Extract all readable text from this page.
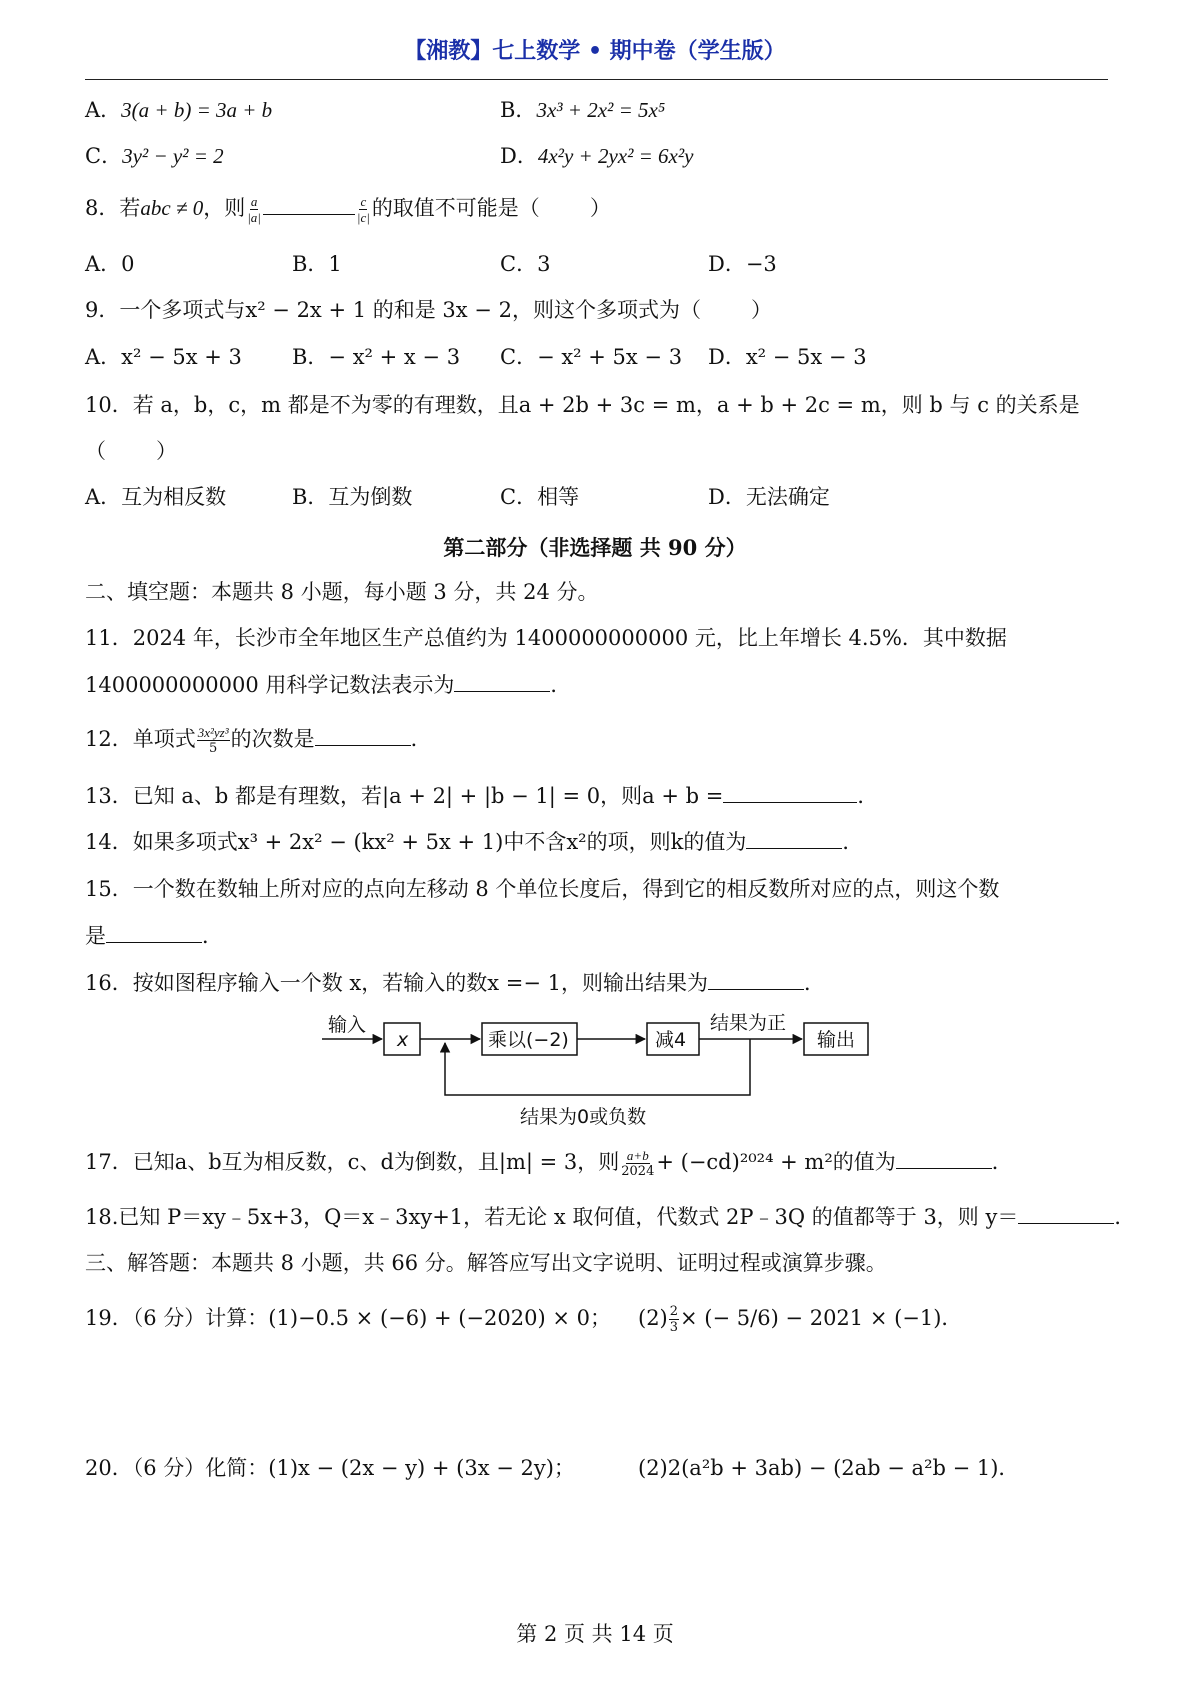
【湘教】七上数学 • 期中卷（学生版）
A．3(a + b) = 3a + b	B．3x³ + 2x² = 5x⁵
C．3y² − y² = 2	D．4x²y + 2yx² = 6x²y
8．若abc ≠ 0，则 $\frac{a}{|a|}$	$\frac{c}{|c|}$ 的取值不可能是（ ）
A．0	B．1	C．3	D．−3
9．一个多项式与x² − 2x + 1 的和是 3x − 2，则这个多项式为（ ）
A．x² − 5x + 3 B．− x² + x − 3 C．− x² + 5x − 3 D．x² − 5x − 3
10．若 a，b，c，m 都是不为零的有理数，且a + 2b + 3c = m，a + b + 2c = m，则 b 与 c 的关系是
（ ）
A．互为相反数	B．互为倒数	C．相等	D．无法确定
第二部分（非选择题 共 90 分）
二、填空题：本题共 8 小题，每小题 3 分，共 24 分。
11．2024 年，长沙市全年地区生产总值约为 1400000000000 元，比上年增长 4.5%．其中数据
1400000000000 用科学记数法表示为	．
12．单项式 $\frac{\text{3x²yz³}}{5}$ 的次数是	．
13．已知 a、b 都是有理数，若|a + 2| + |b − 1| = 0，则a + b =	．
14．如果多项式x³ + 2x² − (kx² + 5x + 1)中不含x²的项，则k的值为	．
15．一个数在数轴上所对应的点向左移动 8 个单位长度后，得到它的相反数所对应的点，则这个数
是	．
16．按如图程序输入一个数 x，若输入的数x =− 1，则输出结果为	．
输入
x	乘以(−2)	减4
结果为正
输出
结果为0或负数
17．已知a、b互为相反数，c、d为倒数，且|m| = 3，则 $\frac{a+b}{2024} + (-cd)^{2024} + m^2$的值为	．
18.已知 P＝xy﹣5x+3，Q＝x﹣3xy+1，若无论 x 取何值，代数式 2P﹣3Q 的值都等于 3，则 y＝	．
三、解答题：本题共 8 小题，共 66 分。解答应写出文字说明、证明过程或演算步骤。
19．（6 分）计算：(1)−0.5 × (−6) + (−2020) × 0； $(2) \frac{2}{3}$ × (− 5/6) − 2021 × (−1)．
20．（6 分）化简：(1)x − (2x − y) + (3x − 2y)；	(2)2(a²b + 3ab) − (2ab − a²b − 1)．
第 2 页 共 14 页
